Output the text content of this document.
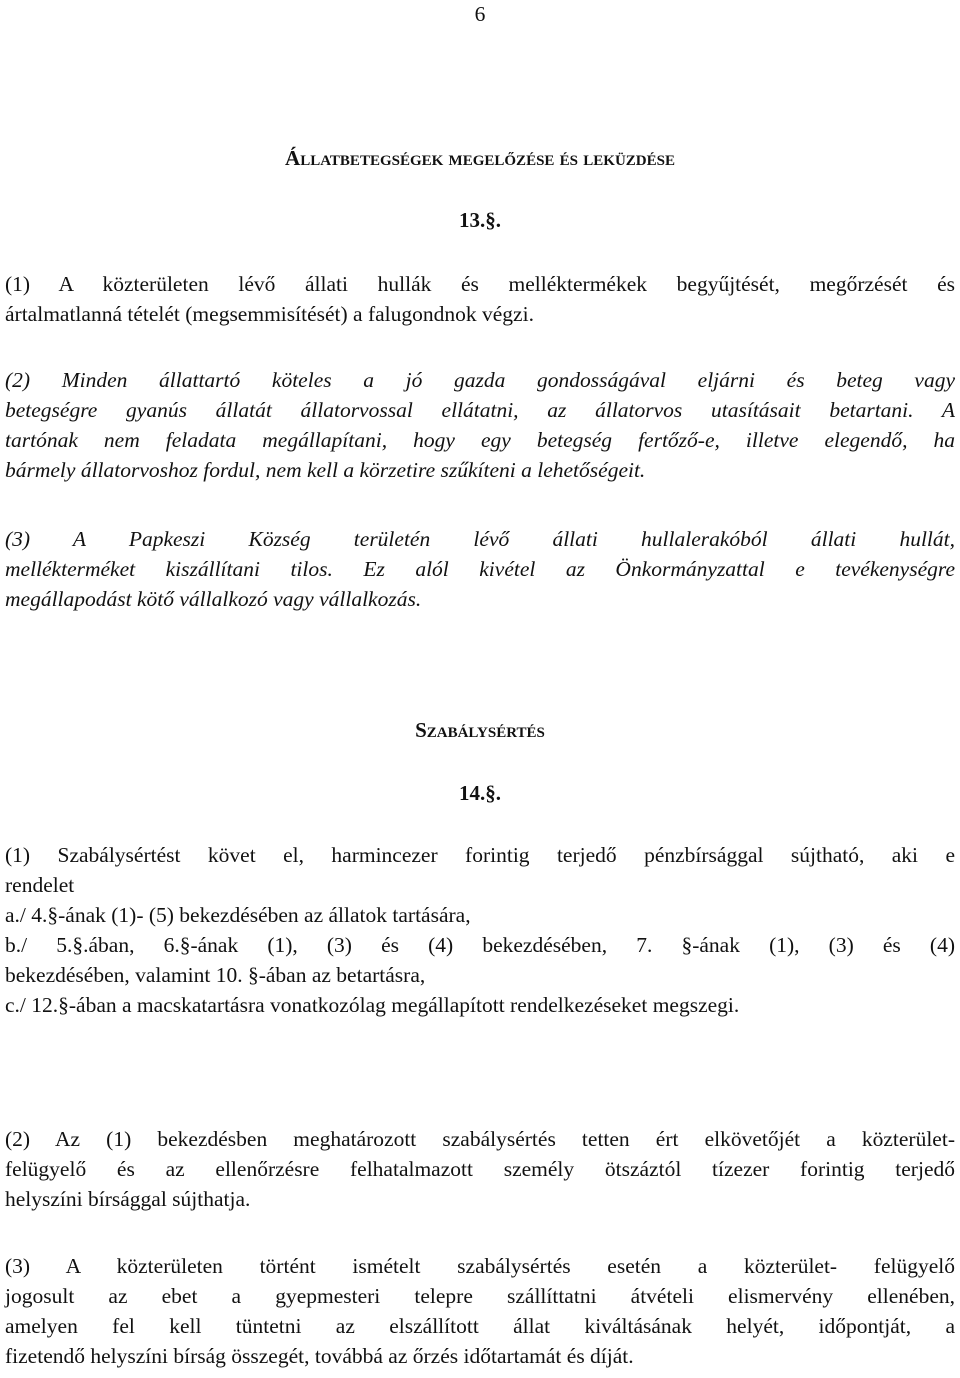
6
Állatbetegségek megelőzése és leküzdése
13.§.

(1) A közterületen lévő állati hullák és melléktermékek begyűjtését, megőrzését és
ártalmatlanná tételét (megsemmisítését) a falugondnok végzi.

(2) Minden állattartó köteles a jó gazda gondosságával eljárni és beteg vagy
betegségre gyanús állatát állatorvossal ellátatni, az állatorvos utasításait betartani. A
tartónak nem feladata megállapítani, hogy egy betegség fertőző-e, illetve elegendő, ha
bármely állatorvoshoz fordul, nem kell a körzetire szűkíteni a lehetőségeit.

(3) A Papkeszi Község területén lévő állati hullalerakóból állati hullát,
mellékterméket kiszállítani tilos. Ez alól kivétel az Önkormányzattal e tevékenységre
megállapodást kötő vállalkozó vagy vállalkozás.

Szabálysértés
14.§.

(1) Szabálysértést követ el, harmincezer forintig terjedő pénzbírsággal sújtható, aki e
rendelet
a./ 4.§-ának (1)- (5) bekezdésében az állatok tartására,
b./ 5.§.ában, 6.§-ának (1), (3) és (4) bekezdésében, 7. §-ának (1), (3) és (4)
bekezdésében, valamint 10. §-ában az betartásra,
c./ 12.§-ában a macskatartásra vonatkozólag megállapított rendelkezéseket megszegi.

(2) Az (1) bekezdésben meghatározott szabálysértés tetten ért elkövetőjét a közterület-
felügyelő és az ellenőrzésre felhatalmazott személy ötszáztól tízezer forintig terjedő
helyszíni bírsággal sújthatja.

(3) A közterületen történt ismételt szabálysértés esetén a közterület- felügyelő
jogosult az ebet a gyepmesteri telepre szállíttatni átvételi elismervény ellenében,
amelyen fel kell tüntetni az elszállított állat kiváltásának helyét, időpontját, a
fizetendő helyszíni bírság összegét, továbbá az őrzés időtartamát és díját.
